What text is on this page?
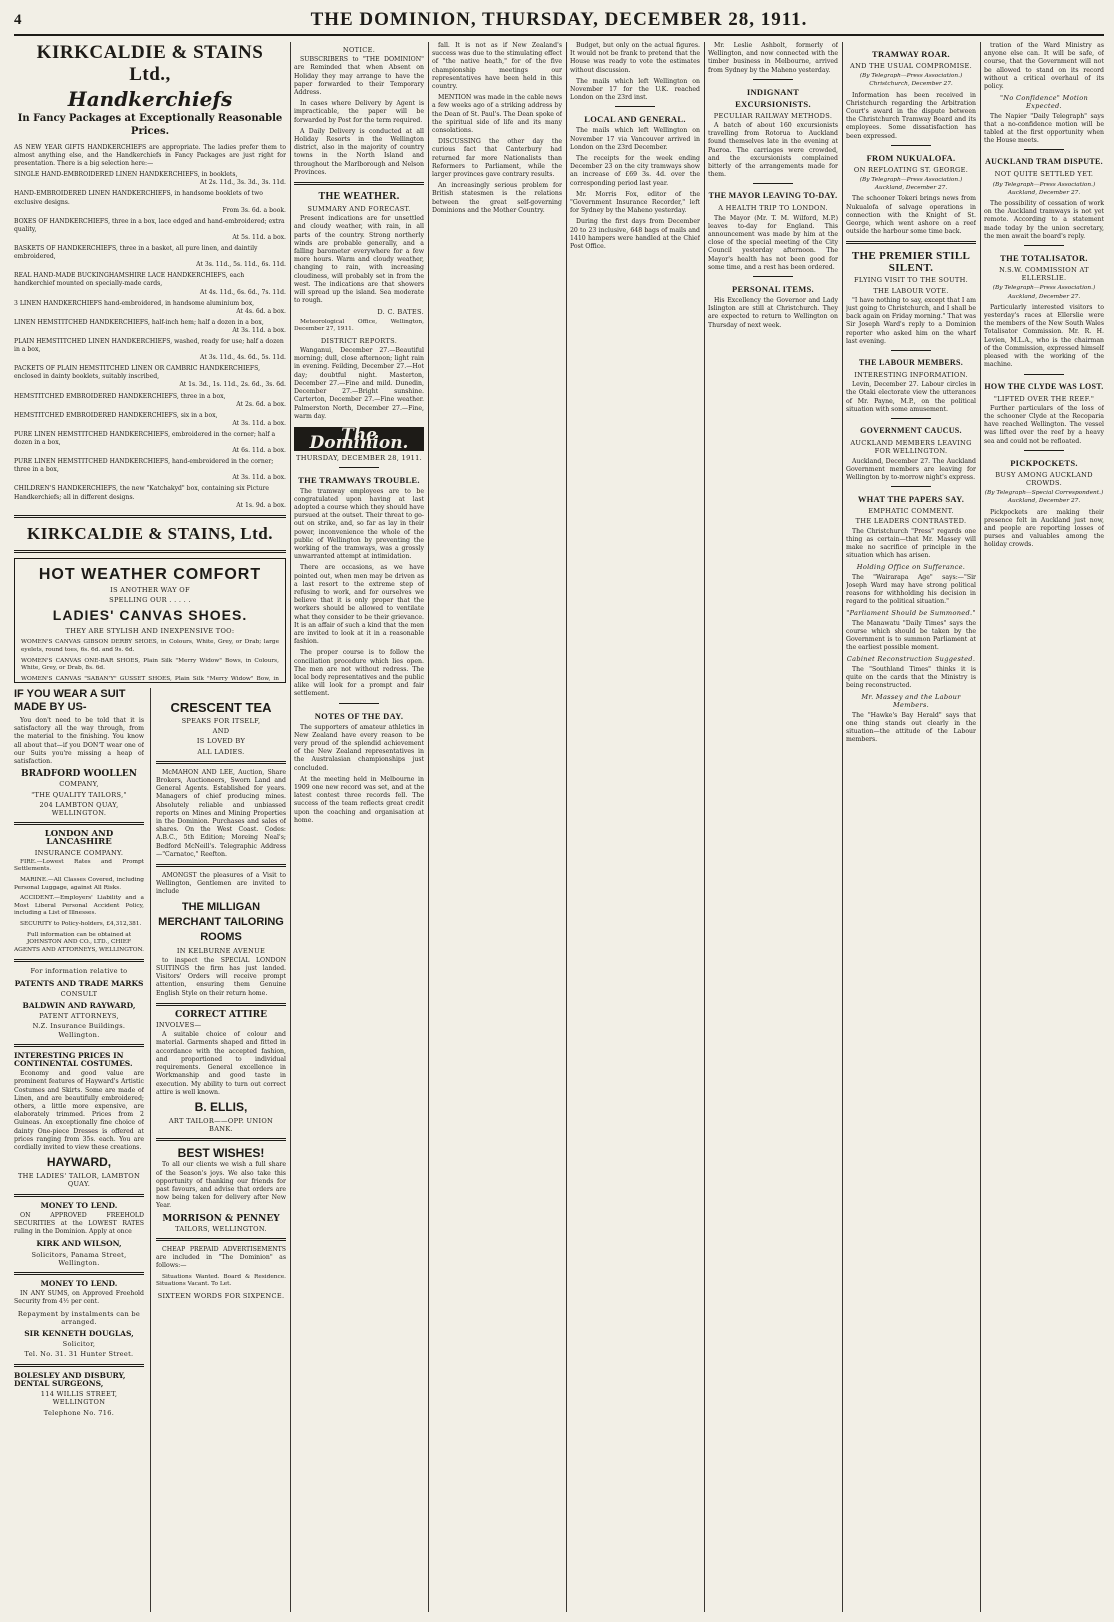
4	THE DOMINION, THURSDAY, DECEMBER 28, 1911.
KIRKCALDIE & STAINS Ltd.,
Handkerchiefs
In Fancy Packages at Exceptionally Reasonable Prices.

AS NEW YEAR GIFTS HANDKERCHIEFS are appropriate. The ladies prefer them to almost anything else, and the Handkerchiefs in Fancy Packages are just right for presentation. There is a big selection here:—

SINGLE HAND-EMBROIDERED LINEN HANDKERCHIEFS, in booklets,
At 2s. 11d., 3s. 3d., 3s. 11d.
HAND-EMBROIDERED LINEN HANDKERCHIEFS, in handsome booklets of two exclusive designs.
From 3s. 6d. a book.
BOXES OF HANDKERCHIEFS, three in a box, lace edged and hand-embroidered; extra quality,
At 5s. 11d. a box.
BASKETS OF HANDKERCHIEFS, three in a basket, all pure linen, and daintily embroidered,
At 3s. 11d., 5s. 11d., 6s. 11d.
REAL HAND-MADE BUCKINGHAMSHIRE LACE HANDKERCHIEFS, each handkerchief mounted on specially-made cards,
At 4s. 11d., 6s. 6d., 7s. 11d.
3 LINEN HANDKERCHIEFS hand-embroidered, in handsome aluminium box,
At 4s. 6d. a box.
LINEN HEMSTITCHED HANDKERCHIEFS, half-inch hem; half a dozen in a box,
At 3s. 11d. a box.
PLAIN HEMSTITCHED LINEN HANDKERCHIEFS, washed, ready for use; half a dozen in a box,
At 3s. 11d., 4s. 6d., 5s. 11d.
PACKETS OF PLAIN HEMSTITCHED LINEN OR CAMBRIC HANDKERCHIEFS, enclosed in dainty booklets, suitably inscribed,
At 1s. 3d., 1s. 11d., 2s. 6d., 3s. 6d.
HEMSTITCHED EMBROIDERED HANDKERCHIEFS, three in a box,
At 2s. 6d. a box.
HEMSTITCHED EMBROIDERED HANDKERCHIEFS, six in a box,
At 3s. 11d. a box.
PURE LINEN HEMSTITCHED HANDKERCHIEFS, embroidered in the corner; half a dozen in a box,
At 6s. 11d. a box.
PURE LINEN HEMSTITCHED HANDKERCHIEFS, hand-embroidered in the corner; three in a box,
At 3s. 11d. a box.
CHILDREN'S HANDKERCHIEFS, the new "Katchakyd" box, containing six Picture Handkerchiefs; all in different designs.
At 1s. 9d. a box.
KIRKCALDIE & STAINS, Ltd.
HOT WEATHER COMFORT
IS ANOTHER WAY OF
SPELLING OUR . . . . .
LADIES' CANVAS SHOES.
THEY ARE STYLISH AND INEXPENSIVE TOO:

WOMEN'S CANVAS GIBSON DERBY SHOES, in Colours, White, Grey, or Drab; large eyelets, round toes, 6s. 6d. and 9s. 6d.

WOMEN'S CANVAS ONE-BAR SHOES, Plain Silk "Merry Widow" Bows, in Colours, White, Grey, or Drab, 8s. 6d.

WOMEN'S CANVAS "SABAN'Y" GUSSET SHOES, Plain Silk "Merry Widow" Bow, in

IF YOU WEAR A SUIT MADE BY US-

You don't need to be told that it is satisfactory all the way through, from the material to the finishing. You know all about that—if you DON'T wear one of our Suits you're missing a heap of satisfaction.

BRADFORD WOOLLEN
COMPANY,
"THE QUALITY TAILORS,"
204 LAMBTON QUAY, WELLINGTON.
LONDON AND LANCASHIRE
INSURANCE COMPANY.

FIRE.—Lowest Rates and Prompt Settlements.

MARINE.—All Classes Covered, including Personal Luggage, against All Risks.

ACCIDENT.—Employers' Liability and a Most Liberal Personal Accident Policy, including a List of Illnesses.

SECURITY to Policy-holders, £4,312,381.

Full information can be obtained at JOHNSTON AND CO., LTD., CHIEF AGENTS AND ATTORNEYS, WELLINGTON.

For information relative to
PATENTS AND TRADE MARKS
CONSULT
BALDWIN AND RAYWARD,
PATENT ATTORNEYS,
N.Z. Insurance Buildings. Wellington.
INTERESTING PRICES IN CONTINENTAL COSTUMES.

Economy and good value are prominent features of Hayward's Artistic Costumes and Skirts. Some are made of Linen, and are beautifully embroidered; others, a little more expensive, are elaborately trimmed. Prices from 2 Guineas. An exceptionally fine choice of dainty One-piece Dresses is offered at prices ranging from 35s. each. You are cordially invited to view these creations.

HAYWARD,
THE LADIES' TAILOR, LAMBTON QUAY.
MONEY TO LEND.

ON APPROVED FREEHOLD SECURITIES at the LOWEST RATES ruling in the Dominion. Apply at once

KIRK AND WILSON,
Solicitors, Panama Street, Wellington.
MONEY TO LEND.

IN ANY SUMS, on Approved Freehold Security from 4½ per cent.

Repayment by instalments can be arranged.
SIR KENNETH DOUGLAS,
Solicitor,
Tel. No. 31. 31 Hunter Street.
BOLESLEY AND DISBURY, DENTAL SURGEONS,
114 WILLIS STREET, WELLINGTON
Telephone No. 716.
CRESCENT TEA
SPEAKS FOR ITSELF,
AND
IS LOVED BY
ALL LADIES.

McMAHON AND LEE, Auction, Share Brokers, Auctioneers, Sworn Land and General Agents. Established for years. Managers of chief producing mines. Absolutely reliable and unbiassed reports on Mines and Mining Properties in the Dominion. Purchases and sales of shares. On the West Coast. Codes: A.B.C., 5th Edition; Moreing Neal's; Bedford McNeill's. Telegraphic Address—"Carnatoc," Reefton.

AMONGST the pleasures of a Visit to Wellington, Gentlemen are invited to include

THE MILLIGAN MERCHANT TAILORING ROOMS
IN KELBURNE AVENUE

to inspect the SPECIAL LONDON SUITINGS the firm has just landed. Visitors' Orders will receive prompt attention, ensuring them Genuine English Style on their return home.

CORRECT ATTIRE
INVOLVES—

A suitable choice of colour and material. Garments shaped and fitted in accordance with the accepted fashion, and proportioned to individual requirements. General excellence in Workmanship and good taste in execution. My ability to turn out correct attire is well known.

B. ELLIS,
ART TAILOR——OPP. UNION BANK.
BEST WISHES!

To all our clients we wish a full share of the Season's joys. We also take this opportunity of thanking our friends for past favours, and advise that orders are now being taken for delivery after New Year.

MORRISON & PENNEY
TAILORS, WELLINGTON.

CHEAP PREPAID ADVERTISEMENTS are included in "The Dominion" as follows:—

Situations Wanted. Board & Residence. Situations Vacant. To Let.

SIXTEEN WORDS FOR SIXPENCE.
NOTICE.

SUBSCRIBERS to "THE DOMINION" are Reminded that when Absent on Holiday they may arrange to have the paper forwarded to their Temporary Address.

In cases where Delivery by Agent is impracticable, the paper will be forwarded by Post for the term required.

A Daily Delivery is conducted at all Holiday Resorts in the Wellington district, also in the majority of country towns in the North Island and throughout the Marlborough and Nelson Provinces.

THE WEATHER.
SUMMARY AND FORECAST.

Present indications are for unsettled and cloudy weather, with rain, in all parts of the country. Strong northerly winds are probable generally, and a falling barometer everywhere for a few more hours. Warm and cloudy weather, changing to rain, with increasing cloudiness, will probably set in from the west. The indications are that showers will spread up the island. Sea moderate to rough.

D. C. BATES.

Meteorological Office, Wellington, December 27, 1911.

DISTRICT REPORTS.

Wanganui, December 27.—Beautiful morning; dull, close afternoon; light rain in evening. Feilding, December 27.—Hot day; doubtful night. Masterton, December 27.—Fine and mild. Dunedin, December 27.—Bright sunshine. Carterton, December 27.—Fine weather. Palmerston North, December 27.—Fine, warm day.

The Dominion.
THURSDAY, DECEMBER 28, 1911.
THE TRAMWAYS TROUBLE.

The tramway employees are to be congratulated upon having at last adopted a course which they should have pursued at the outset. Their threat to go-out on strike, and, so far as lay in their power, inconvenience the whole of the public of Wellington by preventing the working of the tramways, was a grossly unwarranted attempt at intimidation.

There are occasions, as we have pointed out, when men may be driven as a last resort to the extreme step of refusing to work, and for ourselves we believe that it is only proper that the workers should be allowed to ventilate what they consider to be their grievance. It is an affair of such a kind that the men are invited to look at it in a reasonable fashion.

The proper course is to follow the conciliation procedure which lies open. The men are not without redress. The local body representatives and the public alike will look for a prompt and fair settlement.

NOTES OF THE DAY.

The supporters of amateur athletics in New Zealand have every reason to be very proud of the splendid achievement of the New Zealand representatives in the Australasian championships just concluded.

At the meeting held in Melbourne in 1909 one new record was set, and at the latest contest three records fell. The success of the team reflects great credit upon the coaching and organisation at home.

fall. It is not as if New Zealand's success was due to the stimulating effect of "the native heath," for of the five championship meetings our representatives have been held in this country.

MENTION was made in the cable news a few weeks ago of a striking address by the Dean of St. Paul's. The Dean spoke of the spiritual side of life and its many consolations.

DISCUSSING the other day the curious fact that Canterbury had returned far more Nationalists than Reformers to Parliament, while the larger provinces gave contrary results.

An increasingly serious problem for British statesmen is the relations between the great self-governing Dominions and the Mother Country.

Budget, but only on the actual figures. It would not be frank to pretend that the House was ready to vote the estimates without discussion.

The mails which left Wellington on November 17 for the U.K. reached London on the 23rd inst.

LOCAL AND GENERAL.

The mails which left Wellington on November 17 via Vancouver arrived in London on the 23rd December.

The receipts for the week ending December 23 on the city tramways show an increase of £69 3s. 4d. over the corresponding period last year.

Mr. Morris Fox, editor of the "Government Insurance Recorder," left for Sydney by the Maheno yesterday.

During the first days from December 20 to 23 inclusive, 648 bags of mails and 1410 hampers were handled at the Chief Post Office.

Mr. Leslie Ashbolt, formerly of Wellington, and now connected with the timber business in Melbourne, arrived from Sydney by the Maheno yesterday.

INDIGNANT EXCURSIONISTS.
PECULIAR RAILWAY METHODS.

A batch of about 160 excursionists travelling from Rotorua to Auckland found themselves late in the evening at Paeroa. The carriages were crowded, and the excursionists complained bitterly of the arrangements made for them.

THE MAYOR LEAVING TO-DAY.
A HEALTH TRIP TO LONDON.

The Mayor (Mr. T. M. Wilford, M.P.) leaves to-day for England. This announcement was made by him at the close of the special meeting of the City Council yesterday afternoon. The Mayor's health has not been good for some time, and a rest has been ordered.

PERSONAL ITEMS.

His Excellency the Governor and Lady Islington are still at Christchurch. They are expected to return to Wellington on Thursday of next week.

TRAMWAY ROAR.
AND THE USUAL COMPROMISE.
(By Telegraph—Press Association.) Christchurch, December 27.

Information has been received in Christchurch regarding the Arbitration Court's award in the dispute between the Christchurch Tramway Board and its employees. Some dissatisfaction has been expressed.

FROM NUKUALOFA.
ON REFLOATING ST. GEORGE.
(By Telegraph—Press Association.) Auckland, December 27.

The schooner Tokeri brings news from Nukualofa of salvage operations in connection with the Knight of St. George, which went ashore on a reef outside the harbour some time back.

THE PREMIER STILL SILENT.
FLYING VISIT TO THE SOUTH.
THE LABOUR VOTE.

"I have nothing to say, except that I am just going to Christchurch, and I shall be back again on Friday morning." That was Sir Joseph Ward's reply to a Dominion reporter who asked him on the wharf last evening.

THE LABOUR MEMBERS.
INTERESTING INFORMATION.

Levin, December 27. Labour circles in the Otaki electorate view the utterances of Mr. Payne, M.P., on the political situation with some amusement.

GOVERNMENT CAUCUS.
AUCKLAND MEMBERS LEAVING FOR WELLINGTON.

Auckland, December 27. The Auckland Government members are leaving for Wellington by to-morrow night's express.

WHAT THE PAPERS SAY.
EMPHATIC COMMENT.
THE LEADERS CONTRASTED.

The Christchurch "Press" regards one thing as certain—that Mr. Massey will make no sacrifice of principle in the situation which has arisen.

Holding Office on Sufferance.

The "Wairarapa Age" says:—"Sir Joseph Ward may have strong political reasons for withholding his decision in regard to the political situation."

"Parliament Should be Summoned."

The Manawatu "Daily Times" says the course which should be taken by the Government is to summon Parliament at the earliest possible moment.

Cabinet Reconstruction Suggested.

The "Southland Times" thinks it is quite on the cards that the Ministry is being reconstructed.

Mr. Massey and the Labour Members.

The "Hawke's Bay Herald" says that one thing stands out clearly in the situation—the attitude of the Labour members.

tration of the Ward Ministry as anyone else can. It will be safe, of course, that the Government will not be allowed to stand on its record without a critical overhaul of its policy.

"No Confidence" Motion Expected.

The Napier "Daily Telegraph" says that a no-confidence motion will be tabled at the first opportunity when the House meets.

AUCKLAND TRAM DISPUTE.
NOT QUITE SETTLED YET.
(By Telegraph—Press Association.) Auckland, December 27.

The possibility of cessation of work on the Auckland tramways is not yet remote. According to a statement made today by the union secretary, the men await the board's reply.

THE TOTALISATOR.
N.S.W. COMMISSION AT ELLERSLIE.
(By Telegraph—Press Association.) Auckland, December 27.

Particularly interested visitors to yesterday's races at Ellerslie were the members of the New South Wales Totalisator Commission. Mr. R. H. Levien, M.L.A., who is the chairman of the Commission, expressed himself pleased with the working of the machine.

HOW THE CLYDE WAS LOST.
"LIFTED OVER THE REEF."

Further particulars of the loss of the schooner Clyde at the Recoparia have reached Wellington. The vessel was lifted over the reef by a heavy sea and could not be refloated.

PICKPOCKETS.
BUSY AMONG AUCKLAND CROWDS.
(By Telegraph—Special Correspondent.) Auckland, December 27.

Pickpockets are making their presence felt in Auckland just now, and people are reporting losses of purses and valuables among the holiday crowds.
